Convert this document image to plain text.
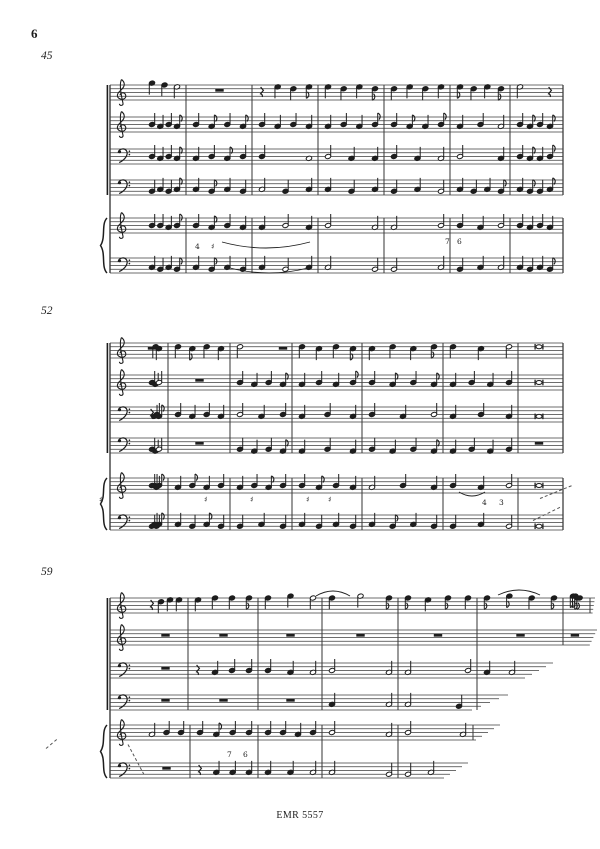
6
45
52
59
4 ♯
7 6
♯	♯	♯	♯ ♯	4 3
7 6
EMR 5557
